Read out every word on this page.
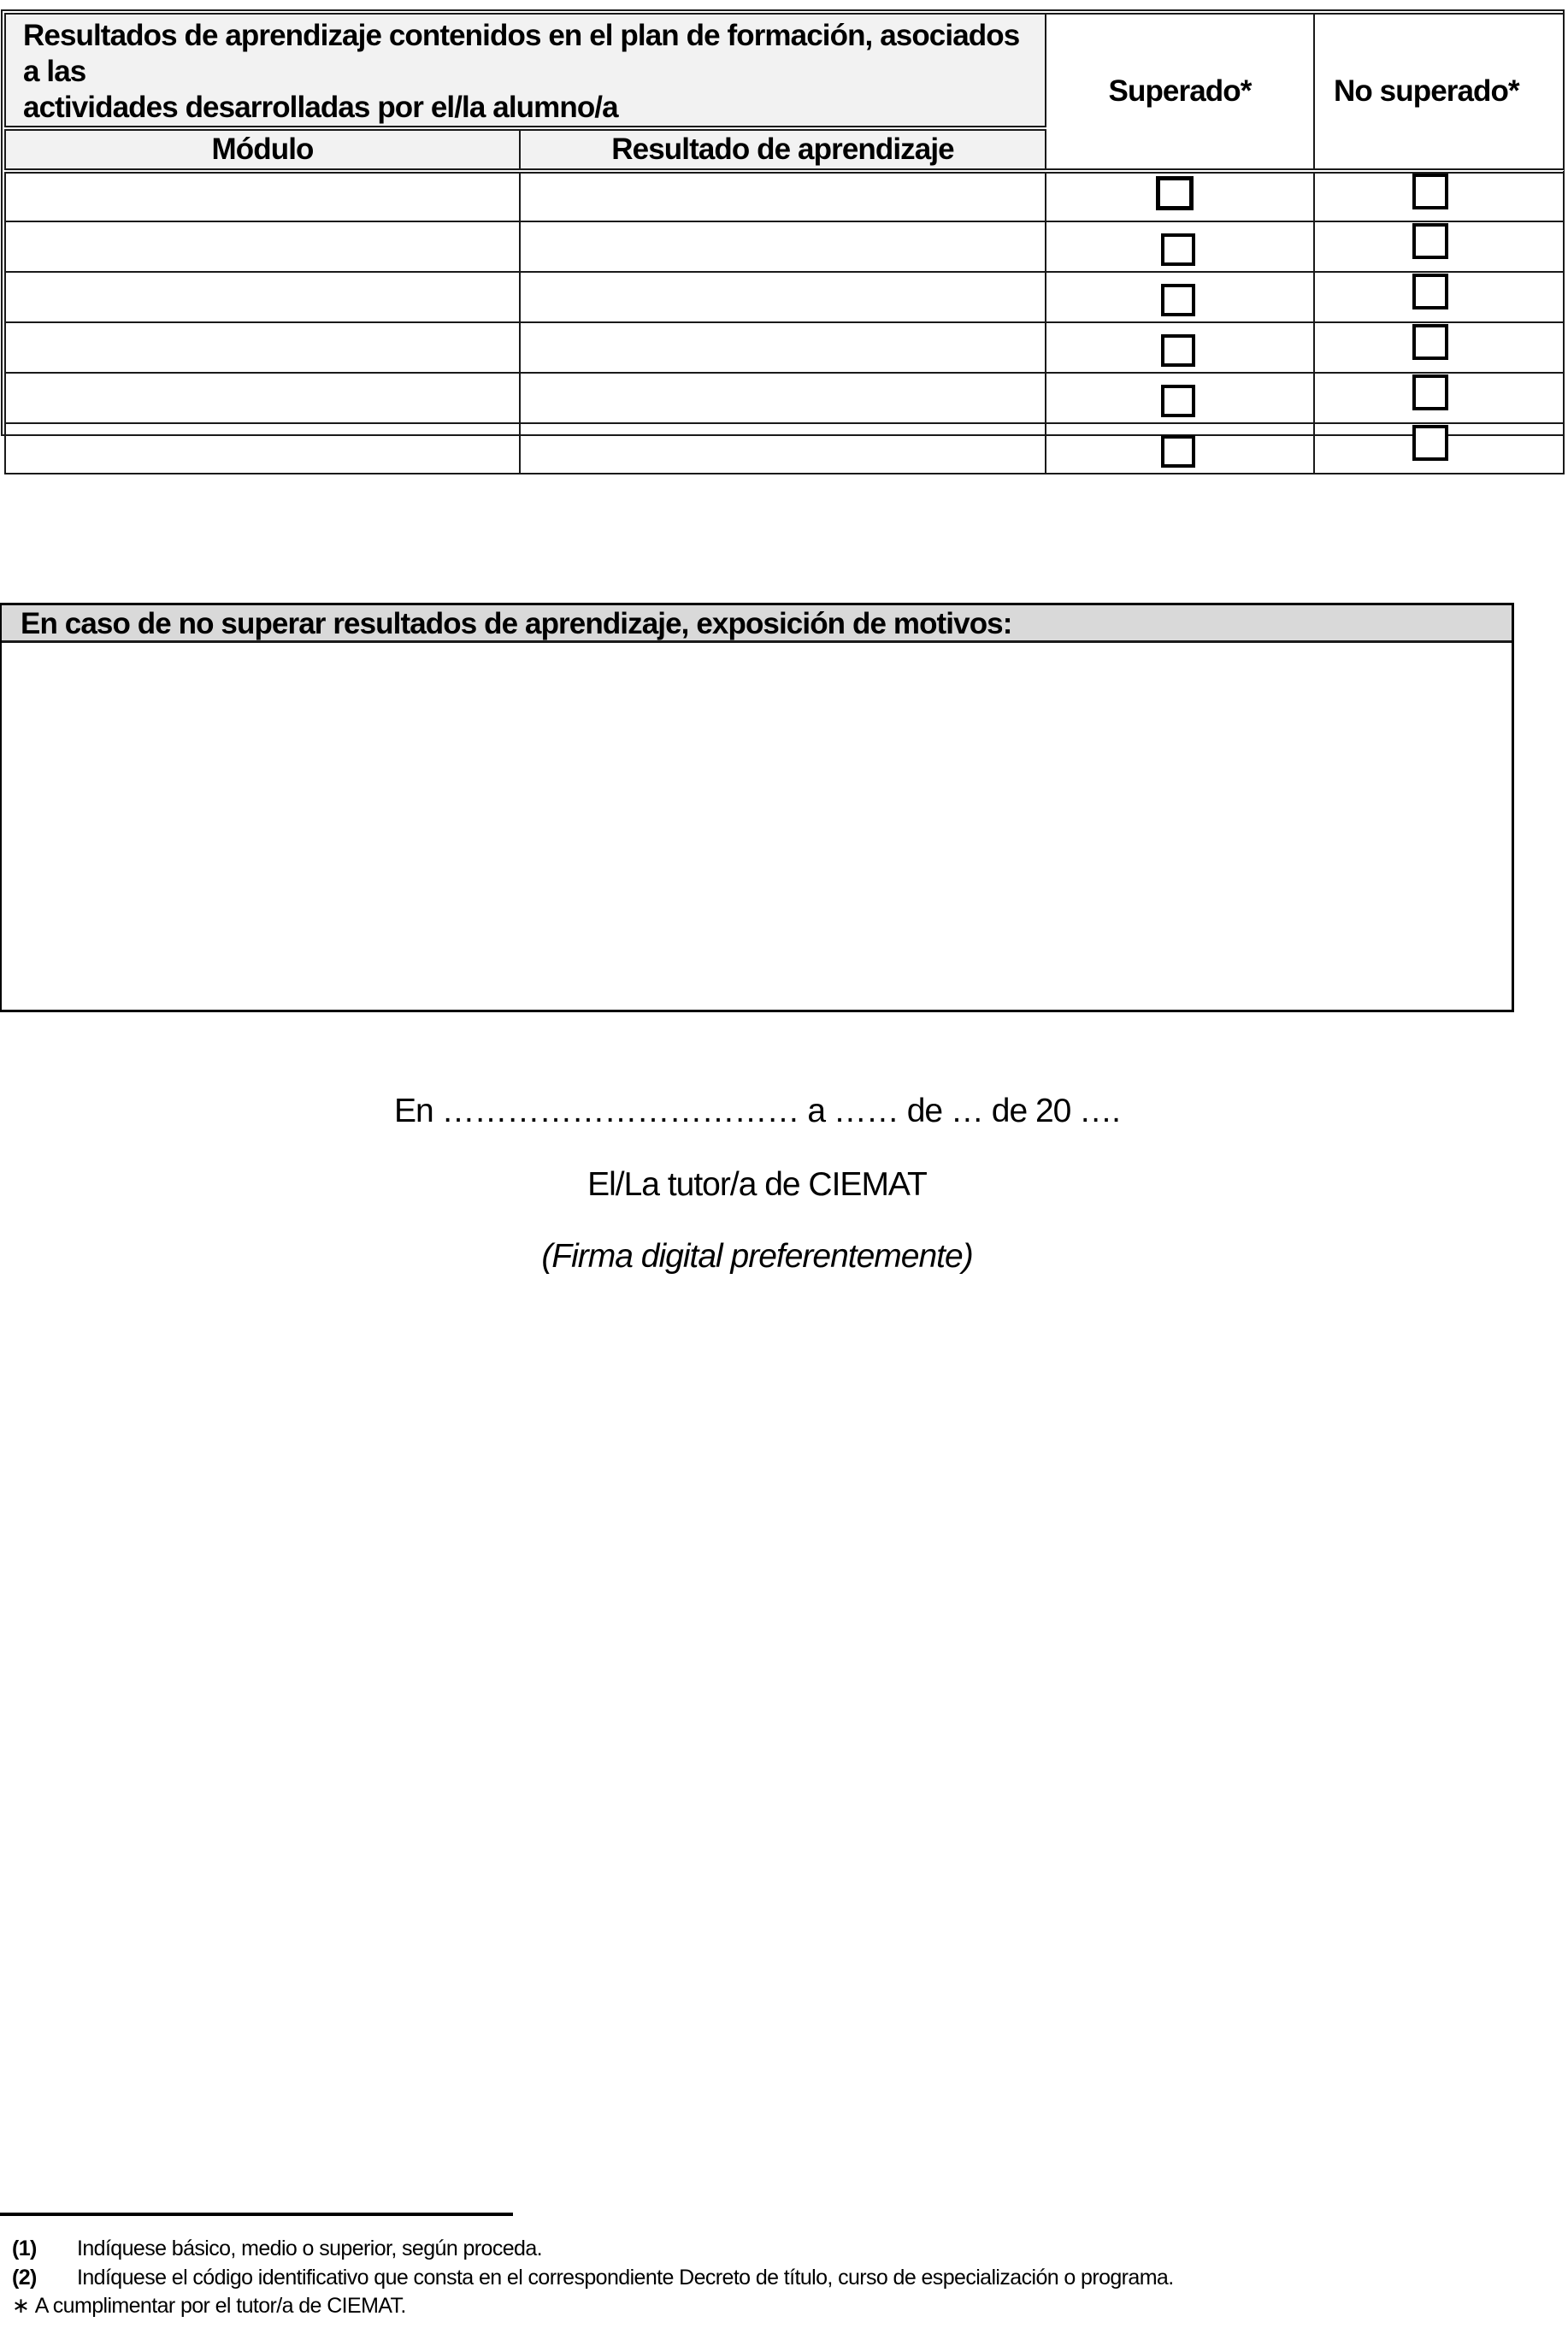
Resultados de aprendizaje contenidos en el plan de formación, asociados a las
actividades desarrolladas por el/la alumno/a		Superado*	No superado*
Módulo	Resultado de aprendizaje		

En caso de no superar resultados de aprendizaje, exposición de motivos:
En …………………………… a …… de … de 20 ….
El/La tutor/a de CIEMAT
(Firma digital preferentemente)
(1)	Indíquese básico, medio o superior, según proceda.
(2)	Indíquese el código identificativo que consta en el correspondiente Decreto de título, curso de especialización o programa.
∗
A cumplimentar por el tutor/a de CIEMAT.
